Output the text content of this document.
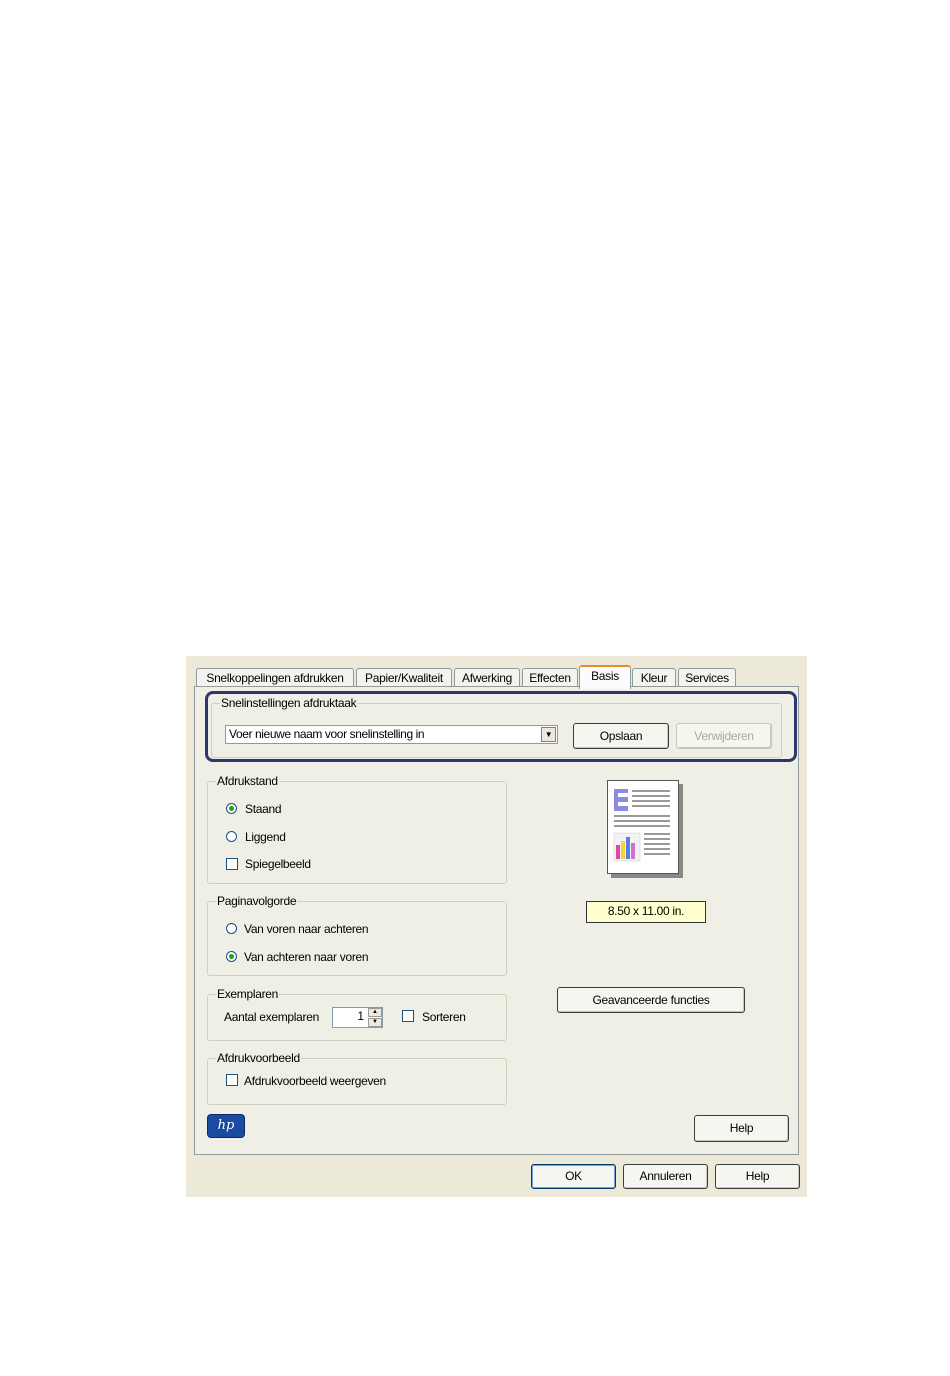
Snelkoppelingen afdrukken	Papier/Kwaliteit	Afwerking	Effecten	Basis	Kleur	Services
Snelinstellingen afdruktaak
Voer nieuwe naam voor snelinstelling in	▼	Opslaan	Verwijderen
Afdrukstand
Staand
Liggend
Spiegelbeeld
Paginavolgorde
Van voren naar achteren
Van achteren naar voren
Exemplaren
Aantal exemplaren	1	▲
▼	Sorteren
Afdrukvoorbeeld
Afdrukvoorbeeld weergeven
8.50 x 11.00 in.
Geavanceerde functies
hp	Help
OK	Annuleren	Help
